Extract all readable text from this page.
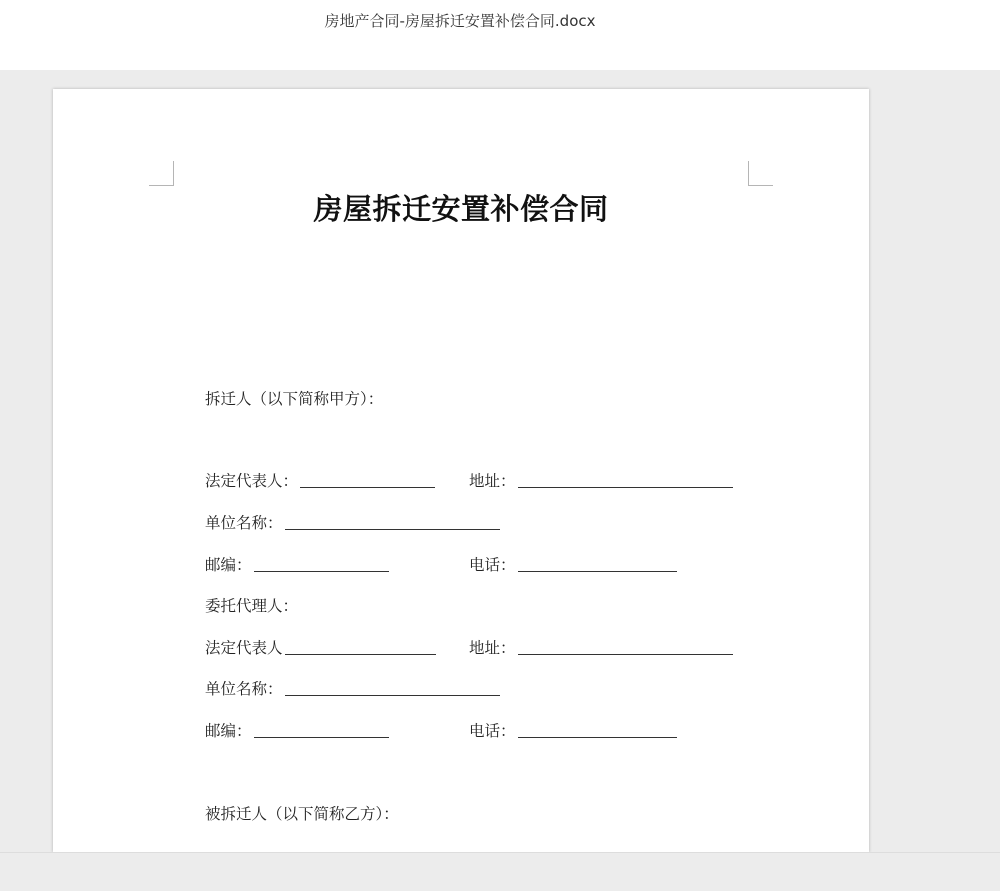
房地产合同-房屋拆迁安置补偿合同.docx
房屋拆迁安置补偿合同
拆迁人（以下简称甲方）：
法定代表人：	地址：
单位名称：
邮编：	电话：
委托代理人：
法定代表人	地址：
单位名称：
邮编：	电话：
被拆迁人（以下简称乙方）：
